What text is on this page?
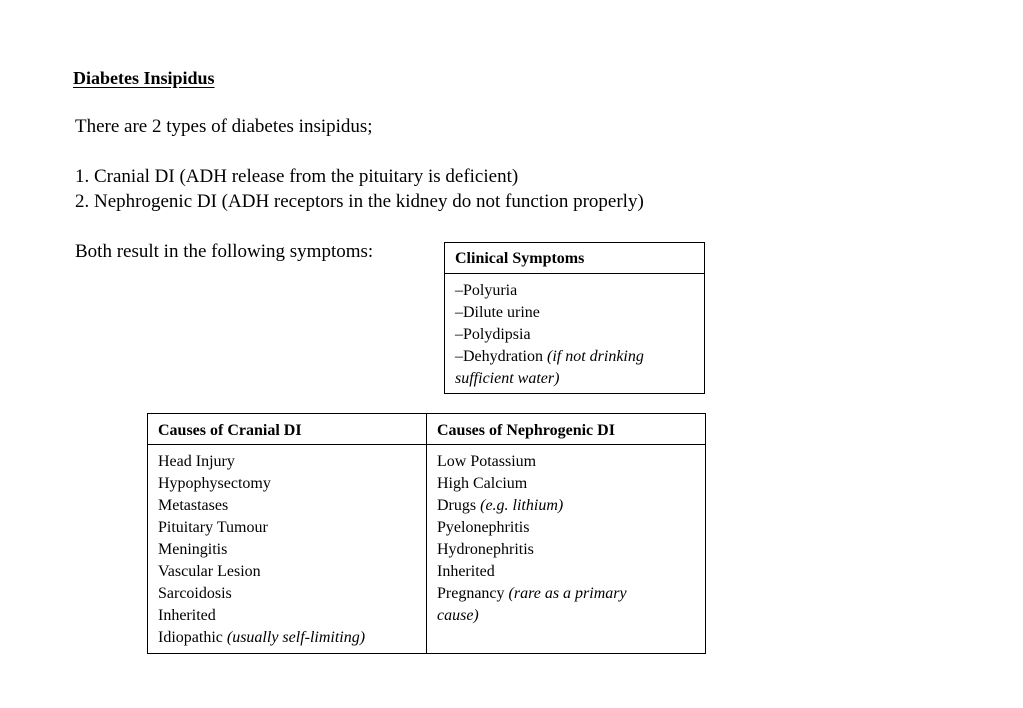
Diabetes Insipidus

There are 2 types of diabetes insipidus;

1. Cranial DI (ADH release from the pituitary is deficient)

2. Nephrogenic DI (ADH receptors in the kidney do not function properly)

Both result in the following symptoms:	Clinical Symptoms
–Polyuria
–Dilute urine
–Polydipsia
–Dehydration (if not drinking
sufficient water)
Causes of Cranial DI
Head Injury
Hypophysectomy
Metastases
Pituitary Tumour
Meningitis
Vascular Lesion
Sarcoidosis
Inherited
Idiopathic (usually self-limiting)
Causes of Nephrogenic DI
Low Potassium
High Calcium
Drugs (e.g. lithium)
Pyelonephritis
Hydronephritis
Inherited
Pregnancy (rare as a primary
cause)
